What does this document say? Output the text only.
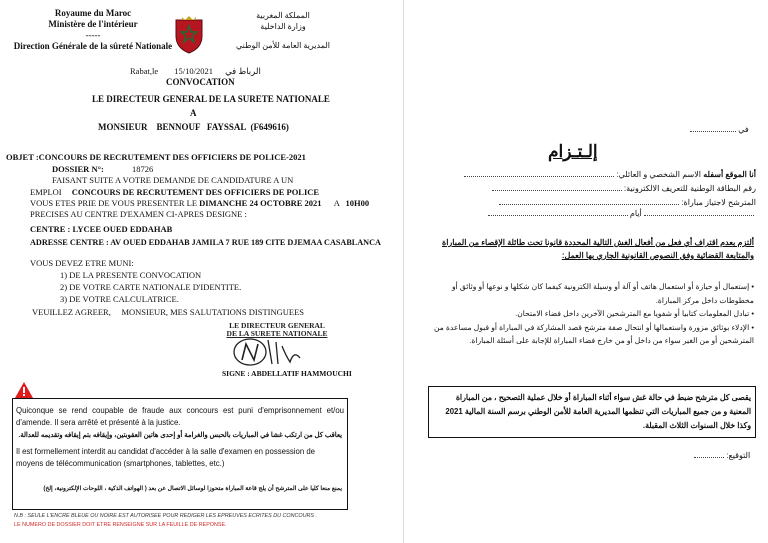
Royaume du Maroc
Ministère de l'intérieur
-----
Direction Générale de la sûreté Nationale
المملكة المغربية
وزارة الداخلية
المديرية العامة للأمن الوطني
Rabat,le 15/10/2021 الرباط في
CONVOCATION
LE DIRECTEUR GENERAL DE LA SURETE NATIONALE
A
MONSIEUR    BENNOUF   FAYSSAL  (F649616)
OBJET :CONCOURS DE RECRUTEMENT DES OFFICIERS DE POLICE-2021
DOSSIER N°:	18726
FAISANT SUITE A VOTRE DEMANDE DE CANDIDATURE A UN
EMPLOI CONCOURS DE RECRUTEMENT DES OFFICIERS DE POLICE
VOUS ETES PRIE DE VOUS PRESENTER LE DIMANCHE 24 OCTOBRE 2021 A 10H00
PRECISES AU CENTRE D'EXAMEN CI-APRES DESIGNE :
CENTRE : LYCEE OUED EDDAHAB
ADRESSE CENTRE : AV OUED EDDAHAB JAMILA 7 RUE 189 CITE DJEMAA CASABLANCA
VOUS DEVEZ ETRE MUNI:
1) DE LA PRESENTE CONVOCATION
2) DE VOTRE CARTE NATIONALE D'IDENTITE.
3) DE VOTRE CALCULATRICE.
VEUILLEZ AGREER,     MONSIEUR, MES SALUTATIONS DISTINGUEES
LE DIRECTEUR GENERAL
DE LA SURETE NATIONALE
SIGNE : ABDELLATIF HAMMOUCHI
Quiconque se rend coupable de fraude aux concours est puni d'emprisonnement et/ou d'amende. Il sera arrêté et présenté à la justice.
يعاقب كل من ارتكب غشا في المباريات بالحبس والغرامة أو إحدى هاتين العقوبتين، وإيقافه بتم إيقافه وتقديمه للعدالة.
Il est formellement interdit au candidat d'accéder à la salle d'examen en possession de moyens de télécommunication (smartphones, tablettes, etc.)
يمنع منعا كليا على المترشح أن يلج قاعة المباراة متحوزا لوسائل الاتصال عن بعد ( الهواتف الذكية ، اللوحات الإلكترونية، إلخ)
N.B : SEULE L'ENCRE BLEUE OU NOIRE EST AUTORISEE POUR REDIGER LES EPREUVES ECRITES DU CONCOURS .
LE NUMERO DE DOSSIER DOIT ETRE RENSEIGNE SUR LA FEUILLE DE REPONSE.
في
إلـتـزام
أنا الموقع أسفله الاسم الشخصي و العائلي:
رقم البطاقة الوطنية للتعريف الالكترونية:
المترشح لاجتياز مباراة:
أيام
ألتزم بعدم اقتراف أي فعل من أفعال الغش التالية المحددة قانونا تحت طائلة الإقصاء من المباراة والمتابعة القضائية وفق النصوص القانونية الجاري بها العمل:
• إستعمال أو حيازة أو استعمال هاتف أو آلة أو وسيلة الكترونية كيفما كان شكلها و نوعها أو وثائق أو مخطوطات داخل مركز المباراة.
• تبادل المعلومات كتابيا أو شفويا مع المترشحين الآخرين داخل فضاء الامتحان.
• الإدلاء بوثائق مزورة واستعمالها أو انتحال صفة مترشح قصد المشاركة في المباراة أو قبول مساعدة من المترشحين أو من الغير سواء من داخل أو من خارج فضاء المباراة للإجابة على أسئلة المباراة.
يقصى كل مترشح ضبط في حالة غش سواء أثناء المباراة أو خلال عملية التصحيح ، من المباراة المعنية و من جميع المباريات التي تنظمها المديرية العامة للأمن الوطني برسم السنة المالية 2021 وكذا خلال السنوات الثلاث المقبلة.
التوقيع:
